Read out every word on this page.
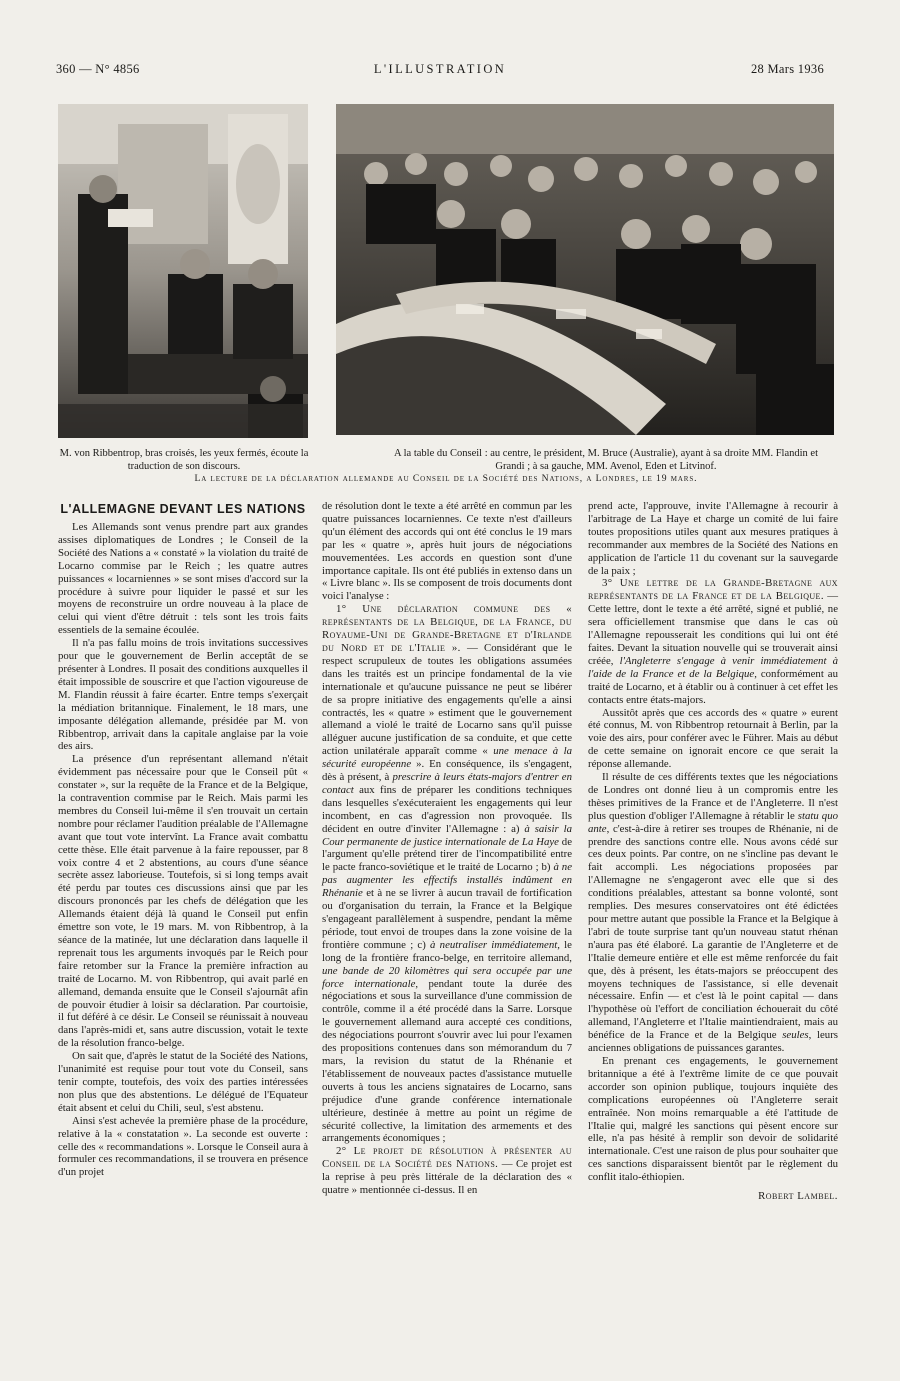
360 — N° 4856	L'ILLUSTRATION	28 Mars 1936
M. von Ribbentrop, bras croisés, les yeux fermés, écoute la traduction de son discours.
A la table du Conseil : au centre, le président, M. Bruce (Australie), ayant à sa droite MM. Flandin et Grandi ; à sa gauche, MM. Avenol, Eden et Litvinof.
La lecture de la déclaration allemande au Conseil de la Société des Nations, a Londres, le 19 mars.
L'ALLEMAGNE DEVANT LES NATIONS

Les Allemands sont venus prendre part aux grandes assises diplomatiques de Londres ; le Conseil de la Société des Nations a « constaté » la violation du traité de Locarno commise par le Reich ; les quatre autres puissances « locarniennes » se sont mises d'accord sur la procédure à suivre pour liquider le passé et sur les moyens de reconstruire un ordre nouveau à la place de celui qui vient d'être détruit : tels sont les trois faits essentiels de la semaine écoulée.

Il n'a pas fallu moins de trois invitations successives pour que le gouvernement de Berlin acceptât de se présenter à Londres. Il posait des conditions auxquelles il était impossible de souscrire et que l'action vigoureuse de M. Flandin réussit à faire écarter. Entre temps s'exerçait la médiation britannique. Finalement, le 18 mars, une imposante délégation allemande, présidée par M. von Ribbentrop, arrivait dans la capitale anglaise par la voie des airs.

La présence d'un représentant allemand n'était évidemment pas nécessaire pour que le Conseil pût « constater », sur la requête de la France et de la Belgique, la contravention commise par le Reich. Mais parmi les membres du Conseil lui-même il s'en trouvait un certain nombre pour réclamer l'audition préalable de l'Allemagne avant que tout vote intervînt. La France avait combattu cette thèse. Elle était parvenue à la faire repousser, par 8 voix contre 4 et 2 abstentions, au cours d'une séance secrète assez laborieuse. Toutefois, si si long temps avait été perdu par toutes ces discussions ainsi que par les discours prononcés par les chefs de délégation que les Allemands étaient déjà là quand le Conseil put enfin émettre son vote, le 19 mars. M. von Ribbentrop, à la séance de la matinée, lut une déclaration dans laquelle il reprenait tous les arguments invoqués par le Reich pour faire retomber sur la France la première infraction au traité de Locarno. M. von Ribbentrop, qui avait parlé en allemand, demanda ensuite que le Conseil s'ajournât afin de pouvoir étudier à loisir sa déclaration. Par courtoisie, il fut déféré à ce désir. Le Conseil se réunissait à nouveau dans l'après-midi et, sans autre discussion, votait le texte de la résolution franco-belge.

On sait que, d'après le statut de la Société des Nations, l'unanimité est requise pour tout vote du Conseil, sans tenir compte, toutefois, des voix des parties intéressées non plus que des abstentions. Le délégué de l'Equateur était absent et celui du Chili, seul, s'est abstenu.

Ainsi s'est achevée la première phase de la procédure, relative à la « constatation ». La seconde est ouverte : celle des « recommandations ». Lorsque le Conseil aura à formuler ces recommandations, il se trouvera en présence d'un projet

de résolution dont le texte a été arrêté en commun par les quatre puissances locarniennes. Ce texte n'est d'ailleurs qu'un élément des accords qui ont été conclus le 19 mars par les « quatre », après huit jours de négociations mouvementées. Les accords en question sont d'une importance capitale. Ils ont été publiés in extenso dans un « Livre blanc ». Ils se composent de trois documents dont voici l'analyse :

1° Une déclaration commune des « représentants de la Belgique, de la France, du Royaume-Uni de Grande-Bretagne et d'Irlande du Nord et de l'Italie ». — Considérant que le respect scrupuleux de toutes les obligations assumées dans les traités est un principe fondamental de la vie internationale et qu'aucune puissance ne peut se libérer de sa propre initiative des engagements qu'elle a ainsi contractés, les « quatre » estiment que le gouvernement allemand a violé le traité de Locarno sans qu'il puisse alléguer aucune justification de sa conduite, et que cette action unilatérale apparaît comme « une menace à la sécurité européenne ». En conséquence, ils s'engagent, dès à présent, à prescrire à leurs états-majors d'entrer en contact aux fins de préparer les conditions techniques dans lesquelles s'exécuteraient les engagements qui leur incombent, en cas d'agression non provoquée. Ils décident en outre d'inviter l'Allemagne : a) à saisir la Cour permanente de justice internationale de La Haye de l'argument qu'elle prétend tirer de l'incompatibilité entre le pacte franco-soviétique et le traité de Locarno ; b) à ne pas augmenter les effectifs installés indûment en Rhénanie et à ne se livrer à aucun travail de fortification ou d'organisation du terrain, la France et la Belgique s'engageant parallèlement à suspendre, pendant la même période, tout envoi de troupes dans la zone voisine de la frontière commune ; c) à neutraliser immédiatement, le long de la frontière franco-belge, en territoire allemand, une bande de 20 kilomètres qui sera occupée par une force internationale, pendant toute la durée des négociations et sous la surveillance d'une commission de contrôle, comme il a été procédé dans la Sarre. Lorsque le gouvernement allemand aura accepté ces conditions, des négociations pourront s'ouvrir avec lui pour l'examen des propositions contenues dans son mémorandum du 7 mars, la revision du statut de la Rhénanie et l'établissement de nouveaux pactes d'assistance mutuelle ouverts à tous les anciens signataires de Locarno, sans préjudice d'une grande conférence internationale ultérieure, destinée à mettre au point un régime de sécurité collective, la limitation des armements et des arrangements économiques ;

2° Le projet de résolution à présenter au Conseil de la Société des Nations. — Ce projet est la reprise à peu près littérale de la déclaration des « quatre » mentionnée ci-dessus. Il en

prend acte, l'approuve, invite l'Allemagne à recourir à l'arbitrage de La Haye et charge un comité de lui faire toutes propositions utiles quant aux mesures pratiques à recommander aux membres de la Société des Nations en application de l'article 11 du covenant sur la sauvegarde de la paix ;

3° Une lettre de la Grande-Bretagne aux représentants de la France et de la Belgique. — Cette lettre, dont le texte a été arrêté, signé et publié, ne sera officiellement transmise que dans le cas où l'Allemagne repousserait les conditions qui lui ont été faites. Devant la situation nouvelle qui se trouverait ainsi créée, l'Angleterre s'engage à venir immédiatement à l'aide de la France et de la Belgique, conformément au traité de Locarno, et à établir ou à continuer à cet effet les contacts entre états-majors.

Aussitôt après que ces accords des « quatre » eurent été connus, M. von Ribbentrop retournait à Berlin, par la voie des airs, pour conférer avec le Führer. Mais au début de cette semaine on ignorait encore ce que serait la réponse allemande.

Il résulte de ces différents textes que les négociations de Londres ont donné lieu à un compromis entre les thèses primitives de la France et de l'Angleterre. Il n'est plus question d'obliger l'Allemagne à rétablir le statu quo ante, c'est-à-dire à retirer ses troupes de Rhénanie, ni de prendre des sanctions contre elle. Nous avons cédé sur ces deux points. Par contre, on ne s'incline pas devant le fait accompli. Les négociations proposées par l'Allemagne ne s'engageront avec elle que si des conditions préalables, attestant sa bonne volonté, sont remplies. Des mesures conservatoires ont été édictées pour mettre autant que possible la France et la Belgique à l'abri de toute surprise tant qu'un nouveau statut rhénan n'aura pas été élaboré. La garantie de l'Angleterre et de l'Italie demeure entière et elle est même renforcée du fait que, dès à présent, les états-majors se préoccupent des moyens techniques de l'assistance, si elle devenait nécessaire. Enfin — et c'est là le point capital — dans l'hypothèse où l'effort de conciliation échouerait du côté allemand, l'Angleterre et l'Italie maintiendraient, mais au bénéfice de la France et de la Belgique seules, leurs anciennes obligations de puissances garantes.

En prenant ces engagements, le gouvernement britannique a été à l'extrême limite de ce que pouvait accorder son opinion publique, toujours inquiète des complications européennes où l'Angleterre serait entraînée. Non moins remarquable a été l'attitude de l'Italie qui, malgré les sanctions qui pèsent encore sur elle, n'a pas hésité à remplir son devoir de solidarité internationale. C'est une raison de plus pour souhaiter que ces sanctions disparaissent bientôt par le règlement du conflit italo-éthiopien.

Robert Lambel.
